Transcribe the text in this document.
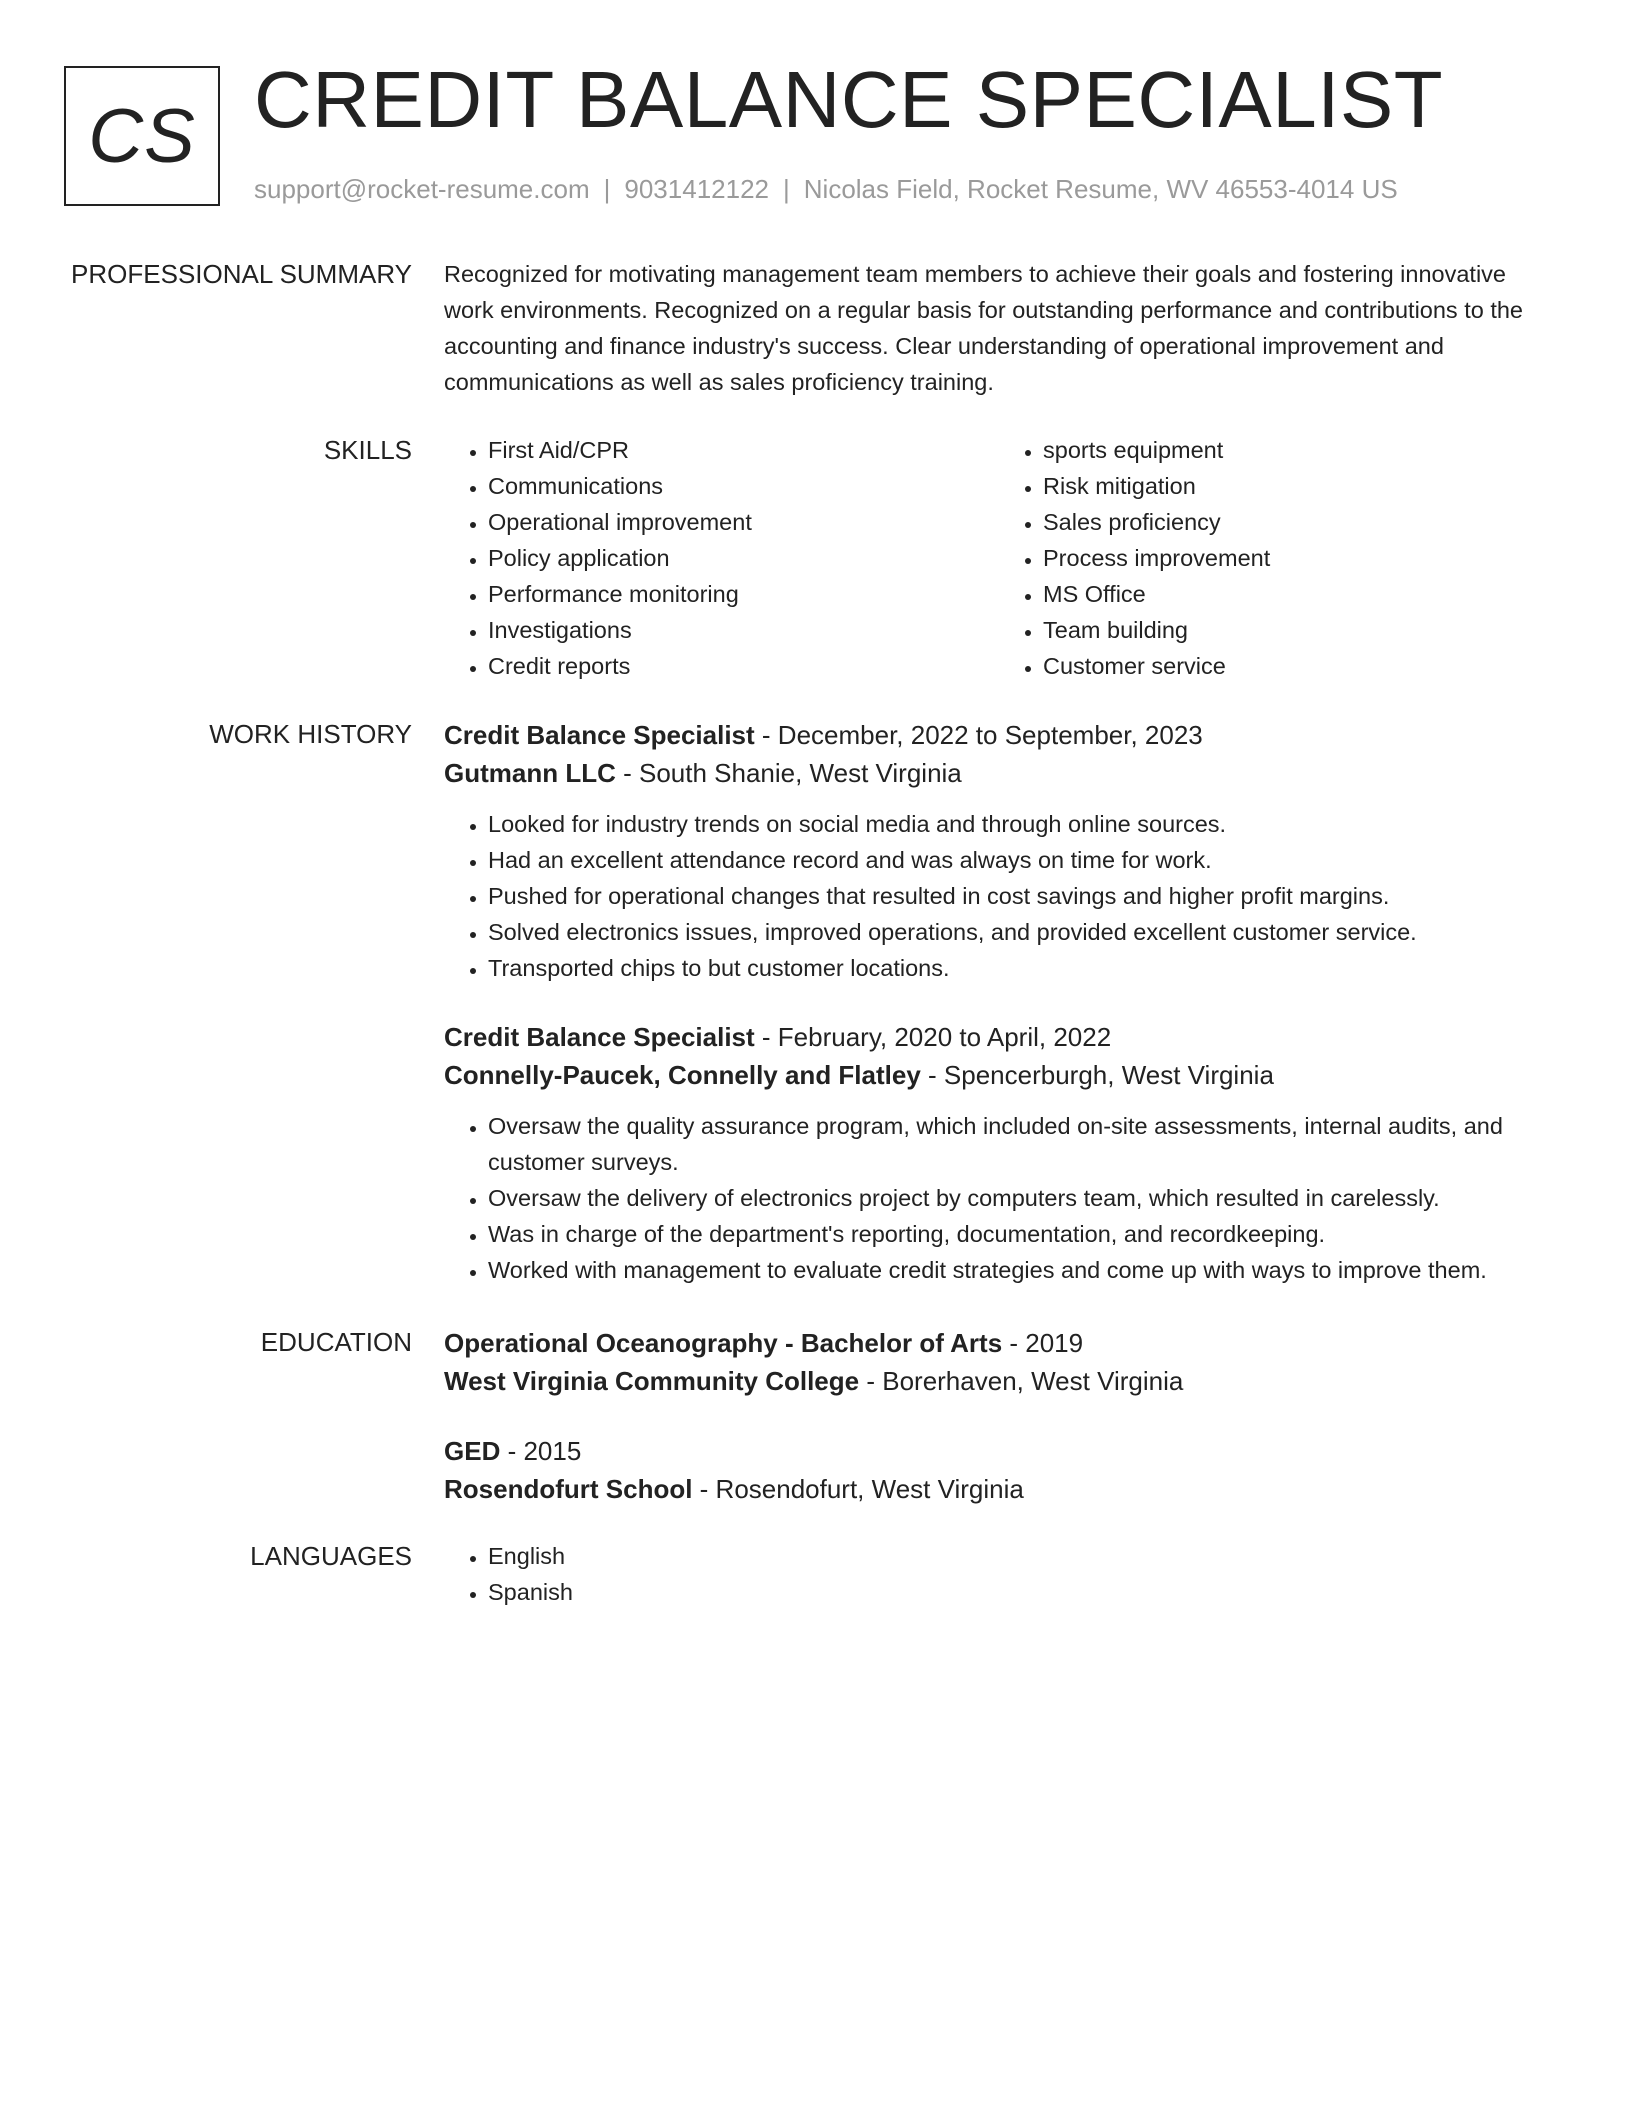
CS CREDIT BALANCE SPECIALIST
support@rocket-resume.com | 9031412122 | Nicolas Field, Rocket Resume, WV 46553-4014 US
PROFESSIONAL SUMMARY Recognized for motivating management team members to achieve their goals and fostering innovative work environments. Recognized on a regular basis for outstanding performance and contributions to the accounting and finance industry's success. Clear understanding of operational improvement and communications as well as sales proficiency training.

SKILLS	• First Aid/CPR
• Communications
• Operational improvement
• Policy application
• Performance monitoring
• Investigations
• Credit reports
• sports equipment
• Risk mitigation
• Sales proficiency
• Process improvement
• MS Office
• Team building
• Customer service
WORK HISTORY Credit Balance Specialist - December, 2022 to September, 2023
Gutmann LLC - South Shanie, West Virginia
• Looked for industry trends on social media and through online sources.
• Had an excellent attendance record and was always on time for work.
• Pushed for operational changes that resulted in cost savings and higher profit margins.
• Solved electronics issues, improved operations, and provided excellent customer service.
• Transported chips to but customer locations.
Credit Balance Specialist - February, 2020 to April, 2022
Connelly-Paucek, Connelly and Flatley - Spencerburgh, West Virginia
• Oversaw the quality assurance program, which included on-site assessments, internal audits, and customer surveys.
• Oversaw the delivery of electronics project by computers team, which resulted in carelessly.
• Was in charge of the department's reporting, documentation, and recordkeeping.
• Worked with management to evaluate credit strategies and come up with ways to improve them.
EDUCATION Operational Oceanography - Bachelor of Arts - 2019
West Virginia Community College - Borerhaven, West Virginia
GED - 2015
Rosendofurt School - Rosendofurt, West Virginia
LANGUAGES	• English
• Spanish
